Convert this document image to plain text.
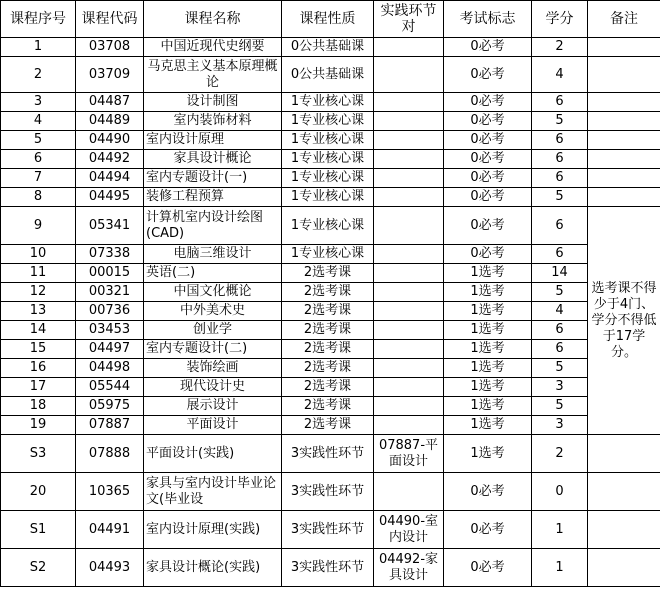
课程序号	课程代码	课程名称	课程性质	实践环节对	考试标志	学分	备注
1	03708	中国近现代史纲要	0公共基础课		0必考	2	
2	03709	马克思主义基本原理概论	0公共基础课		0必考	4	
3	04487	设计制图	1专业核心课		0必考	6	
4	04489	室内装饰材料	1专业核心课		0必考	5	
5	04490	室内设计原理	1专业核心课		0必考	6	
6	04492	家具设计概论	1专业核心课		0必考	6	
7	04494	室内专题设计(一)	1专业核心课		0必考	6	
8	04495	装修工程预算	1专业核心课		0必考	5	
9	05341	计算机室内设计绘图(CAD)	1专业核心课		0必考	6	选考课不得少于4门、学分不得低于17学分。
10	07338	电脑三维设计	1专业核心课		0必考	6	
11	00015	英语(二)	2选考课		1选考	14	
12	00321	中国文化概论	2选考课		1选考	5	
13	00736	中外美术史	2选考课		1选考	4	
14	03453	创业学	2选考课		1选考	6	
15	04497	室内专题设计(二)	2选考课		1选考	6	
16	04498	装饰绘画	2选考课		1选考	5	
17	05544	现代设计史	2选考课		1选考	3	
18	05975	展示设计	2选考课		1选考	5	
19	07887	平面设计	2选考课		1选考	3	
S3	07888	平面设计(实践)	3实践性环节	07887-平面设计	1选考	2	
20	10365	家具与室内设计毕业论文(毕业设	3实践性环节		0必考	0	
S1	04491	室内设计原理(实践)	3实践性环节	04490-室内设计	0必考	1	
S2	04493	家具设计概论(实践)	3实践性环节	04492-家具设计	0必考	1	
